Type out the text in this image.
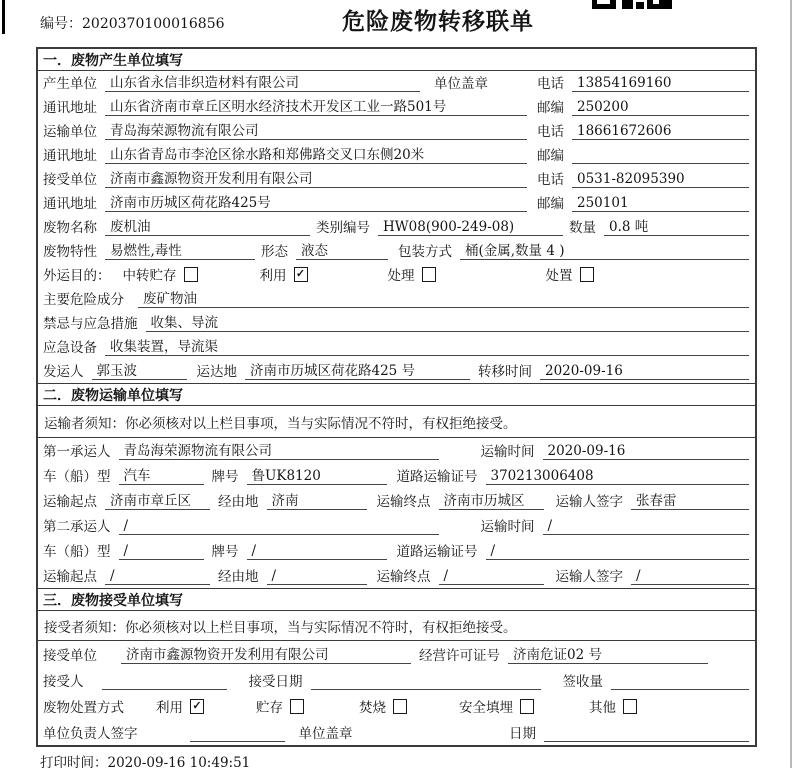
编号：2020370100016856	危险废物转移联单
一．废物产生单位填写
产生单位 山东省永信非织造材料有限公司	单位盖章	电话 13854169160
通讯地址 山东省济南市章丘区明水经济技术开发区工业一路501号	邮编 250200
运输单位 青岛海荣源物流有限公司	电话 18661672606
通讯地址 山东省青岛市李沧区徐水路和郑佛路交叉口东侧20米	邮编
接受单位 济南市鑫源物资开发利用有限公司	电话 0531-82095390
通讯地址 济南市历城区荷花路425号	邮编 250101
废物名称 废机油	类别编号 HW08(900-249-08)	数量 0.8 吨
废物特性 易燃性,毒性	形态 液态	包装方式 桶(金属,数量 4 )
外运目的： 中转贮存	利用 ✓	处理	处置
主要危险成分	废矿物油
禁忌与应急措施 收集、导流
应急设备 收集装置，导流渠
发运人 郭玉波	运达地 济南市历城区荷花路425 号	转移时间 2020-09-16
二．废物运输单位填写
运输者须知：你必须核对以上栏目事项，当与实际情况不符时，有权拒绝接受。
第一承运人 青岛海荣源物流有限公司	运输时间 2020-09-16
车（船）型 汽车	牌号 鲁UK8120	道路运输证号 370213006408
运输起点 济南市章丘区	经由地 济南	运输终点 济南市历城区	运输人签字 张春雷
第二承运人 /	运输时间 /
车（船）型 /	牌号 /	道路运输证号 /
运输起点 /	经由地 /	运输终点 /	运输人签字 /
三．废物接受单位填写
接受者须知：你必须核对以上栏目事项，当与实际情况不符时，有权拒绝接受。
接受单位	济南市鑫源物资开发利用有限公司	经营许可证号 济南危证02 号
接受人	接受日期	签收量
废物处置方式 利用 ✓	贮存	焚烧	安全填埋	其他
单位负责人签字	单位盖章	日期
打印时间：2020-09-16 10:49:51
